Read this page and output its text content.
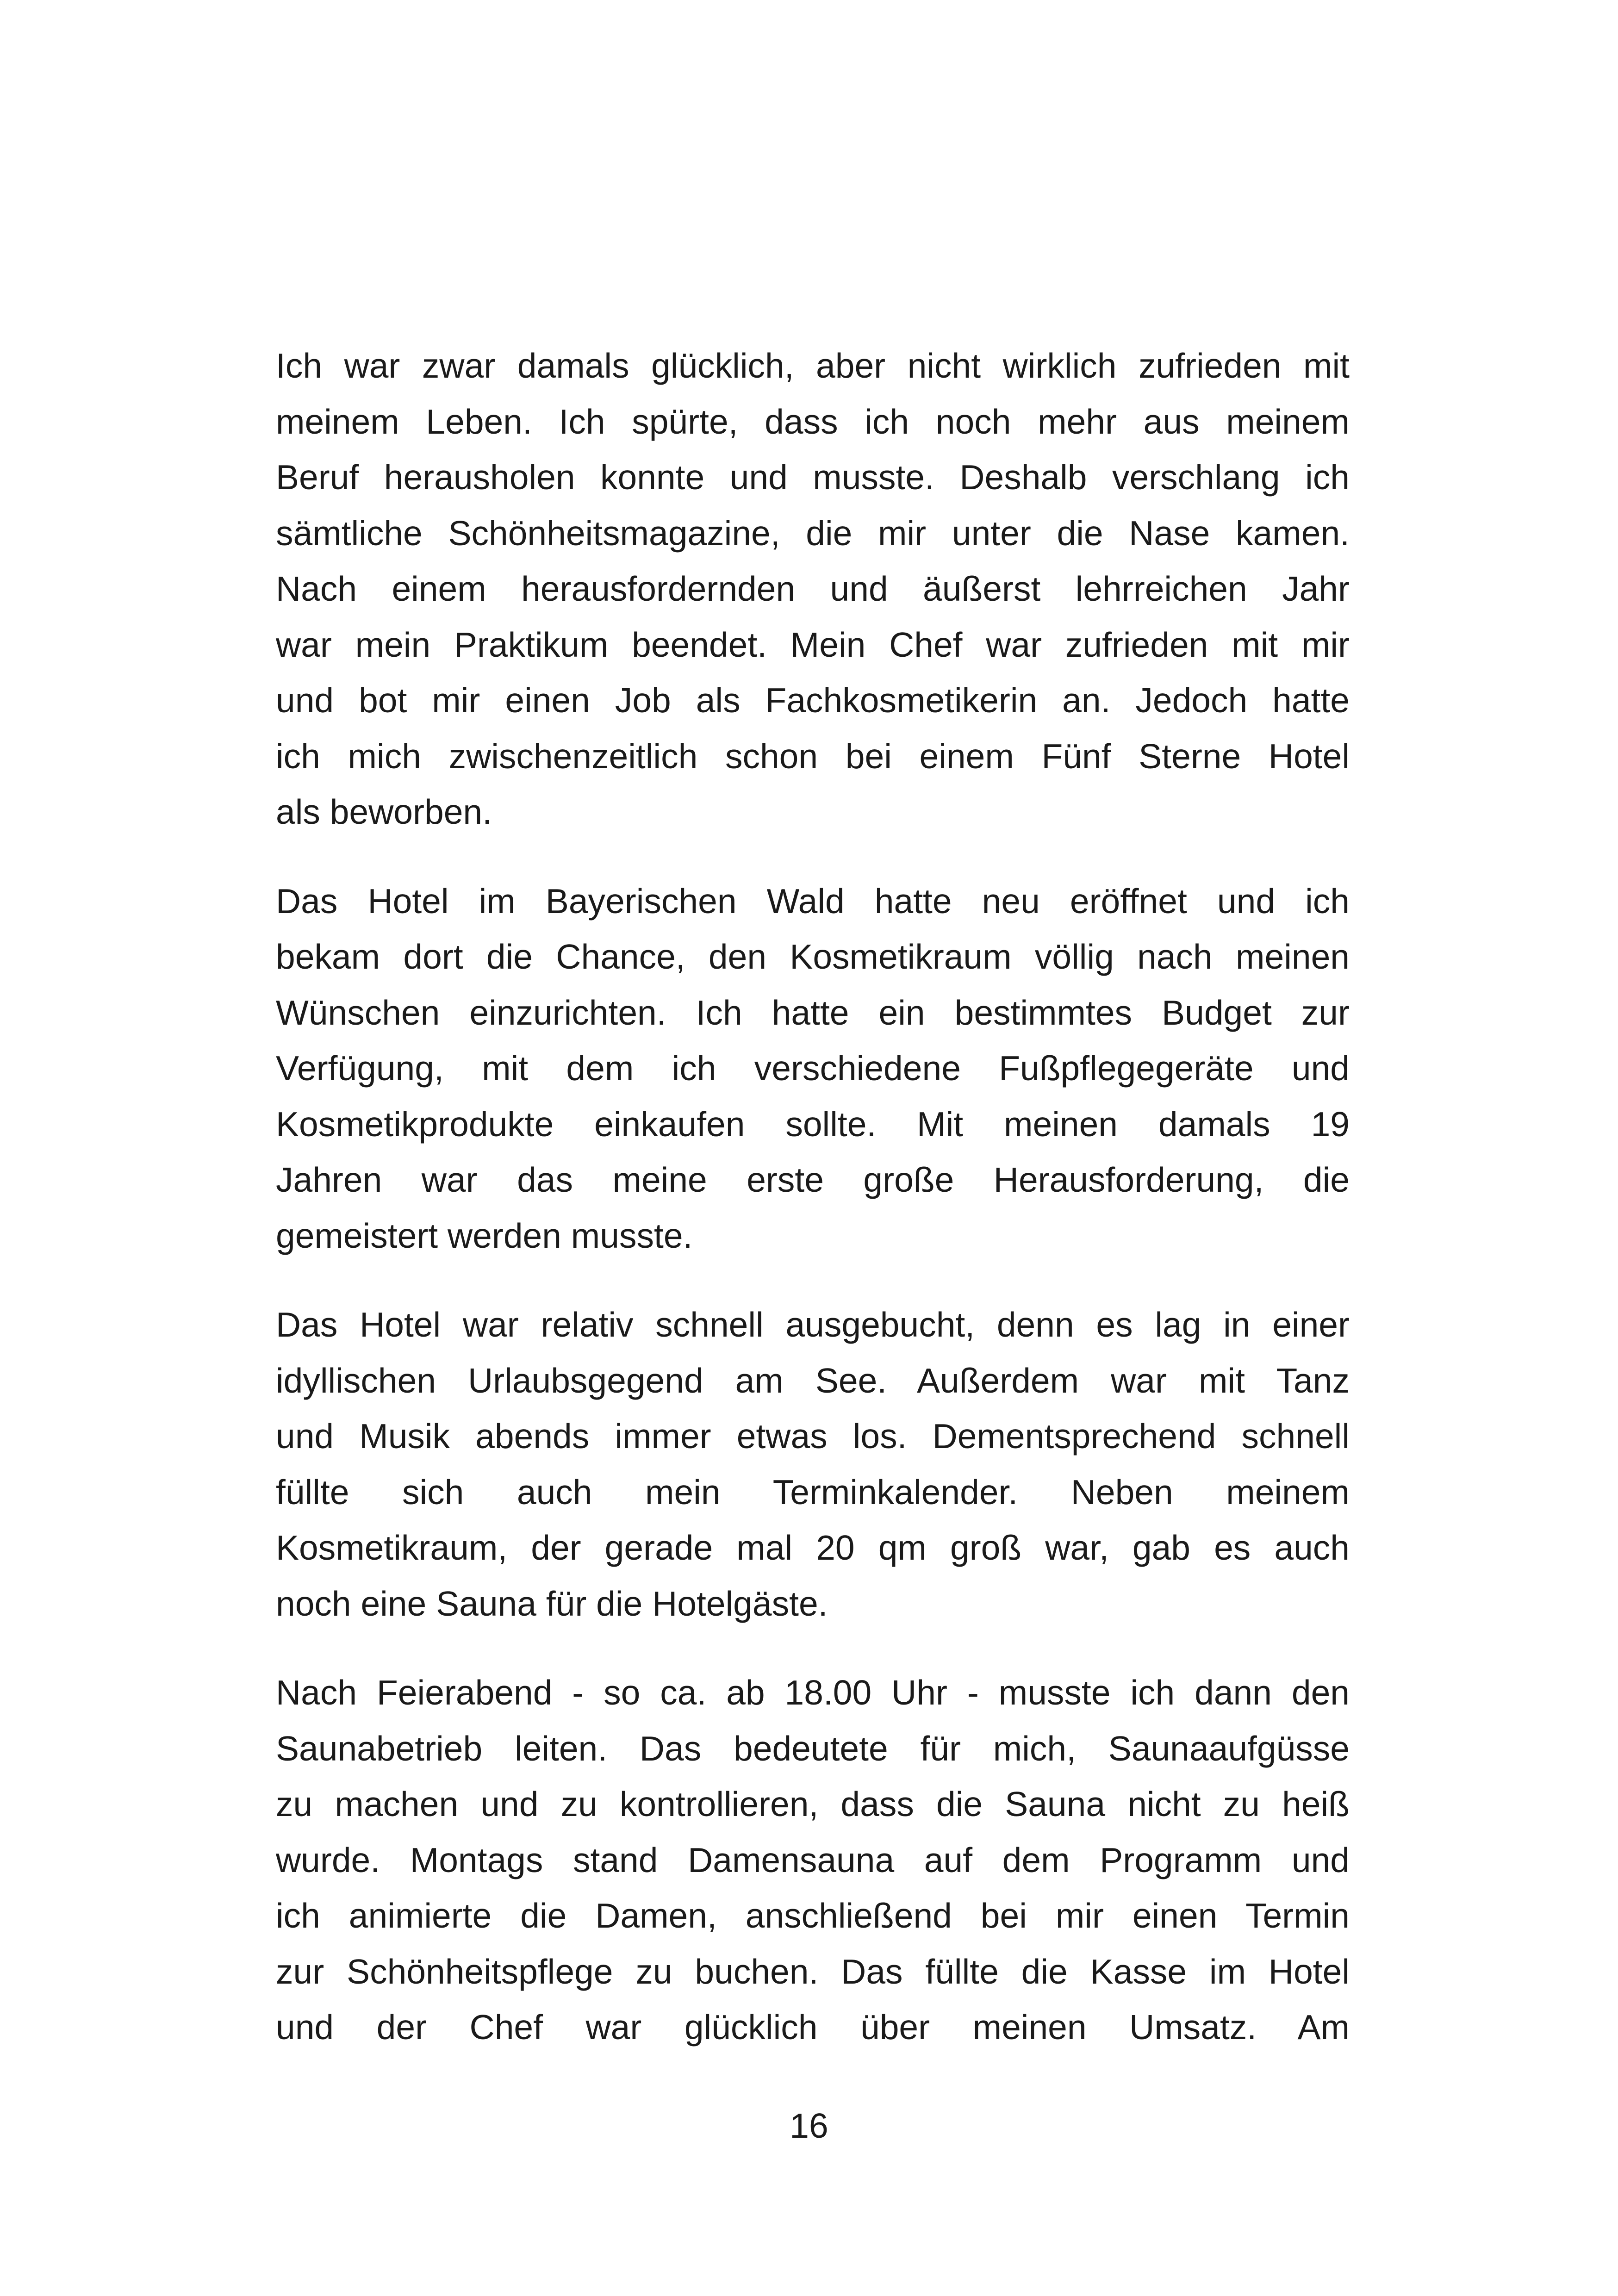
Ich war zwar damals glücklich, aber nicht wirklich zufrieden mit
meinem Leben. Ich spürte, dass ich noch mehr aus meinem
Beruf herausholen konnte und musste. Deshalb verschlang ich
sämtliche Schönheitsmagazine, die mir unter die Nase kamen.
Nach einem herausfordernden und äußerst lehrreichen Jahr
war mein Praktikum beendet. Mein Chef war zufrieden mit mir
und bot mir einen Job als Fachkosmetikerin an. Jedoch hatte
ich mich zwischenzeitlich schon bei einem Fünf Sterne Hotel
als beworben.

Das Hotel im Bayerischen Wald hatte neu eröffnet und ich
bekam dort die Chance, den Kosmetikraum völlig nach meinen
Wünschen einzurichten. Ich hatte ein bestimmtes Budget zur
Verfügung, mit dem ich verschiedene Fußpflegegeräte und
Kosmetikprodukte einkaufen sollte. Mit meinen damals 19
Jahren war das meine erste große Herausforderung, die
gemeistert werden musste.

Das Hotel war relativ schnell ausgebucht, denn es lag in einer
idyllischen Urlaubsgegend am See. Außerdem war mit Tanz
und Musik abends immer etwas los. Dementsprechend schnell
füllte sich auch mein Terminkalender. Neben meinem
Kosmetikraum, der gerade mal 20 qm groß war, gab es auch
noch eine Sauna für die Hotelgäste.

Nach Feierabend - so ca. ab 18.00 Uhr - musste ich dann den
Saunabetrieb leiten. Das bedeutete für mich, Saunaaufgüsse
zu machen und zu kontrollieren, dass die Sauna nicht zu heiß
wurde. Montags stand Damensauna auf dem Programm und
ich animierte die Damen, anschließend bei mir einen Termin
zur Schönheitspflege zu buchen. Das füllte die Kasse im Hotel
und der Chef war glücklich über meinen Umsatz. Am

16
